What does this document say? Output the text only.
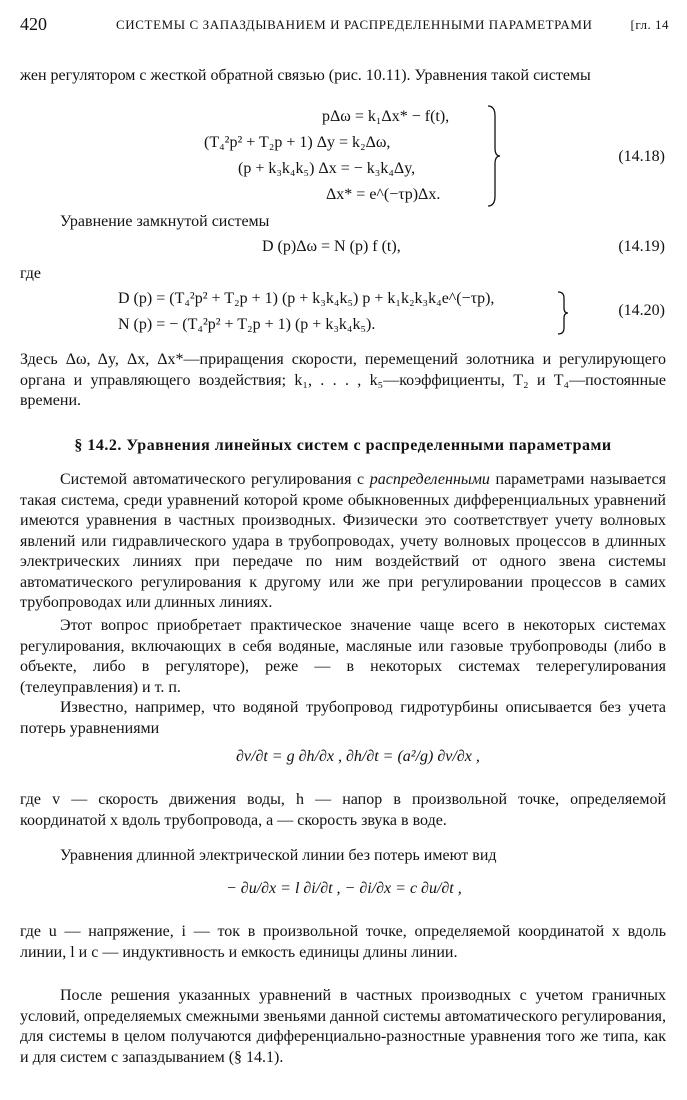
420	СИСТЕМЫ С ЗАПАЗДЫВАНИЕМ И РАСПРЕДЕЛЕННЫМИ ПАРАМЕТРАМИ	[гл. 14
жен регулятором с жесткой обратной связью (рис. 10.11). Уравнения такой системы
pΔω = k₁Δx* − f(t),
(T₄²p² + T₂p + 1) Δy = k₂Δω,
(p + k₃k₄k₅) Δx = − k₃k₄Δy,
Δx* = e^(−τp)Δx.
(14.18)
Уравнение замкнутой системы
D (p)Δω = N (p) f (t),	(14.19)
где
D (p) = (T₄²p² + T₂p + 1) (p + k₃k₄k₅) p + k₁k₂k₃k₄e^(−τp),
N (p) = − (T₄²p² + T₂p + 1) (p + k₃k₄k₅).
(14.20)
Здесь Δω, Δy, Δx, Δx*—приращения скорости, перемещений золотника и регулирующего органа и управляющего воздействия; k₁, . . . , k₅—коэффициенты, T₂ и T₄—постоянные времени.
§ 14.2. Уравнения линейных систем с распределенными параметрами
Системой автоматического регулирования с распределенными параметрами называется такая система, среди уравнений которой кроме обыкновенных дифференциальных уравнений имеются уравнения в частных производных. Физически это соответствует учету волновых явлений или гидравлического удара в трубопроводах, учету волновых процессов в длинных электрических линиях при передаче по ним воздействий от одного звена системы автоматического регулирования к другому или же при регулировании процессов в самих трубопроводах или длинных линиях.
Этот вопрос приобретает практическое значение чаще всего в некоторых системах регулирования, включающих в себя водяные, масляные или газовые трубопроводы (либо в объекте, либо в регуляторе), реже — в некоторых системах телерегулирования (телеуправления) и т. п.
Известно, например, что водяной трубопровод гидротурбины описывается без учета потерь уравнениями
∂v/∂t = g ∂h/∂x , ∂h/∂t = (a²/g) ∂v/∂x ,
где v — скорость движения воды, h — напор в произвольной точке, определяемой координатой x вдоль трубопровода, a — скорость звука в воде.
Уравнения длинной электрической линии без потерь имеют вид
− ∂u/∂x = l ∂i/∂t , − ∂i/∂x = c ∂u/∂t ,
где u — напряжение, i — ток в произвольной точке, определяемой координатой x вдоль линии, l и c — индуктивность и емкость единицы длины линии.
После решения указанных уравнений в частных производных с учетом граничных условий, определяемых смежными звеньями данной системы автоматического регулирования, для системы в целом получаются дифференциально-разностные уравнения того же типа, как и для систем с запаздыванием (§ 14.1).
